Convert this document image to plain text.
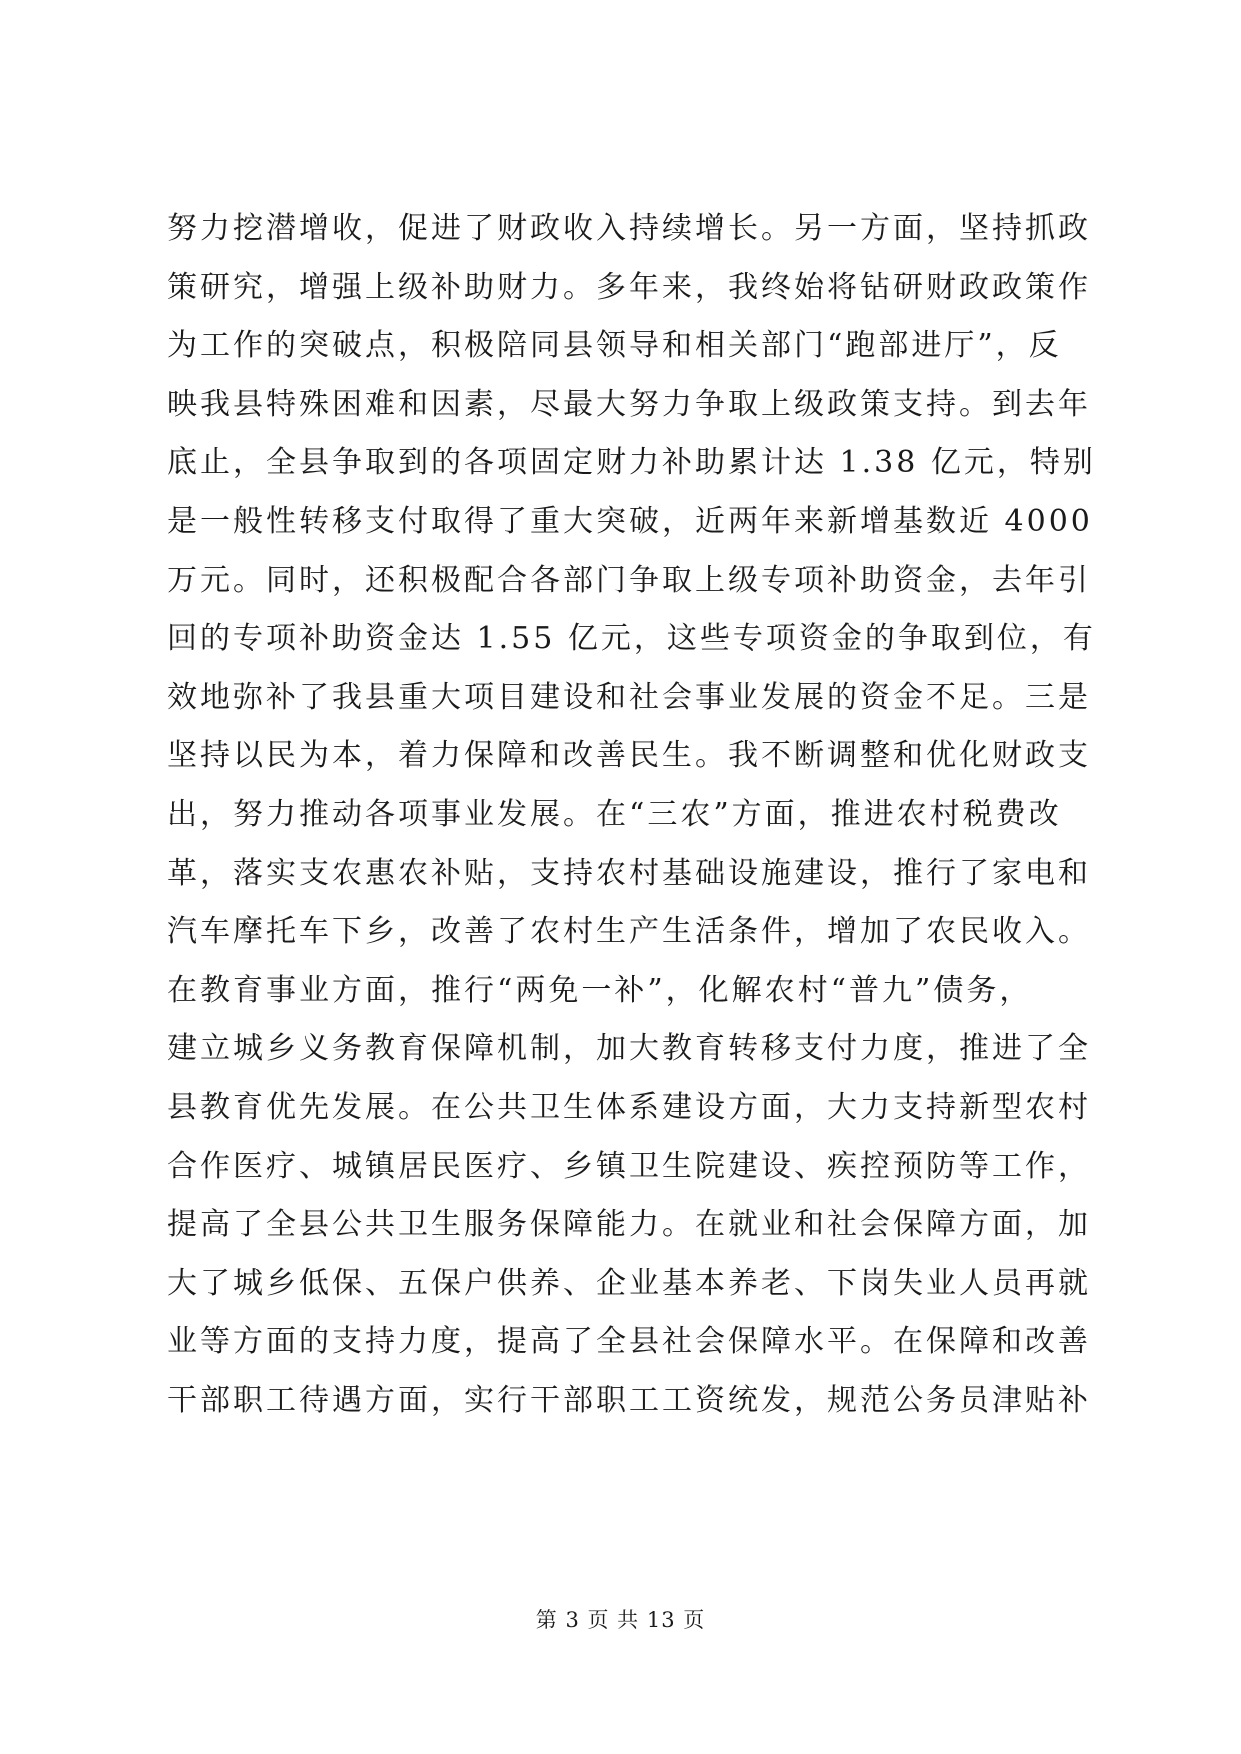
努力挖潜增收，促进了财政收入持续增长。另一方面，坚持抓政
策研究，增强上级补助财力。多年来，我终始将钻研财政政策作
为工作的突破点，积极陪同县领导和相关部门“跑部进厅”，反
映我县特殊困难和因素，尽最大努力争取上级政策支持。到去年
底止，全县争取到的各项固定财力补助累计达 1.38 亿元，特别
是一般性转移支付取得了重大突破，近两年来新增基数近 4000
万元。同时，还积极配合各部门争取上级专项补助资金，去年引
回的专项补助资金达 1.55 亿元，这些专项资金的争取到位，有
效地弥补了我县重大项目建设和社会事业发展的资金不足。三是
坚持以民为本，着力保障和改善民生。我不断调整和优化财政支
出，努力推动各项事业发展。在“三农”方面，推进农村税费改
革，落实支农惠农补贴，支持农村基础设施建设，推行了家电和
汽车摩托车下乡，改善了农村生产生活条件，增加了农民收入。
在教育事业方面，推行“两免一补”，化解农村“普九”债务，
建立城乡义务教育保障机制，加大教育转移支付力度，推进了全
县教育优先发展。在公共卫生体系建设方面，大力支持新型农村
合作医疗、城镇居民医疗、乡镇卫生院建设、疾控预防等工作，
提高了全县公共卫生服务保障能力。在就业和社会保障方面，加
大了城乡低保、五保户供养、企业基本养老、下岗失业人员再就
业等方面的支持力度，提高了全县社会保障水平。在保障和改善
干部职工待遇方面，实行干部职工工资统发，规范公务员津贴补
第 3 页 共 13 页
